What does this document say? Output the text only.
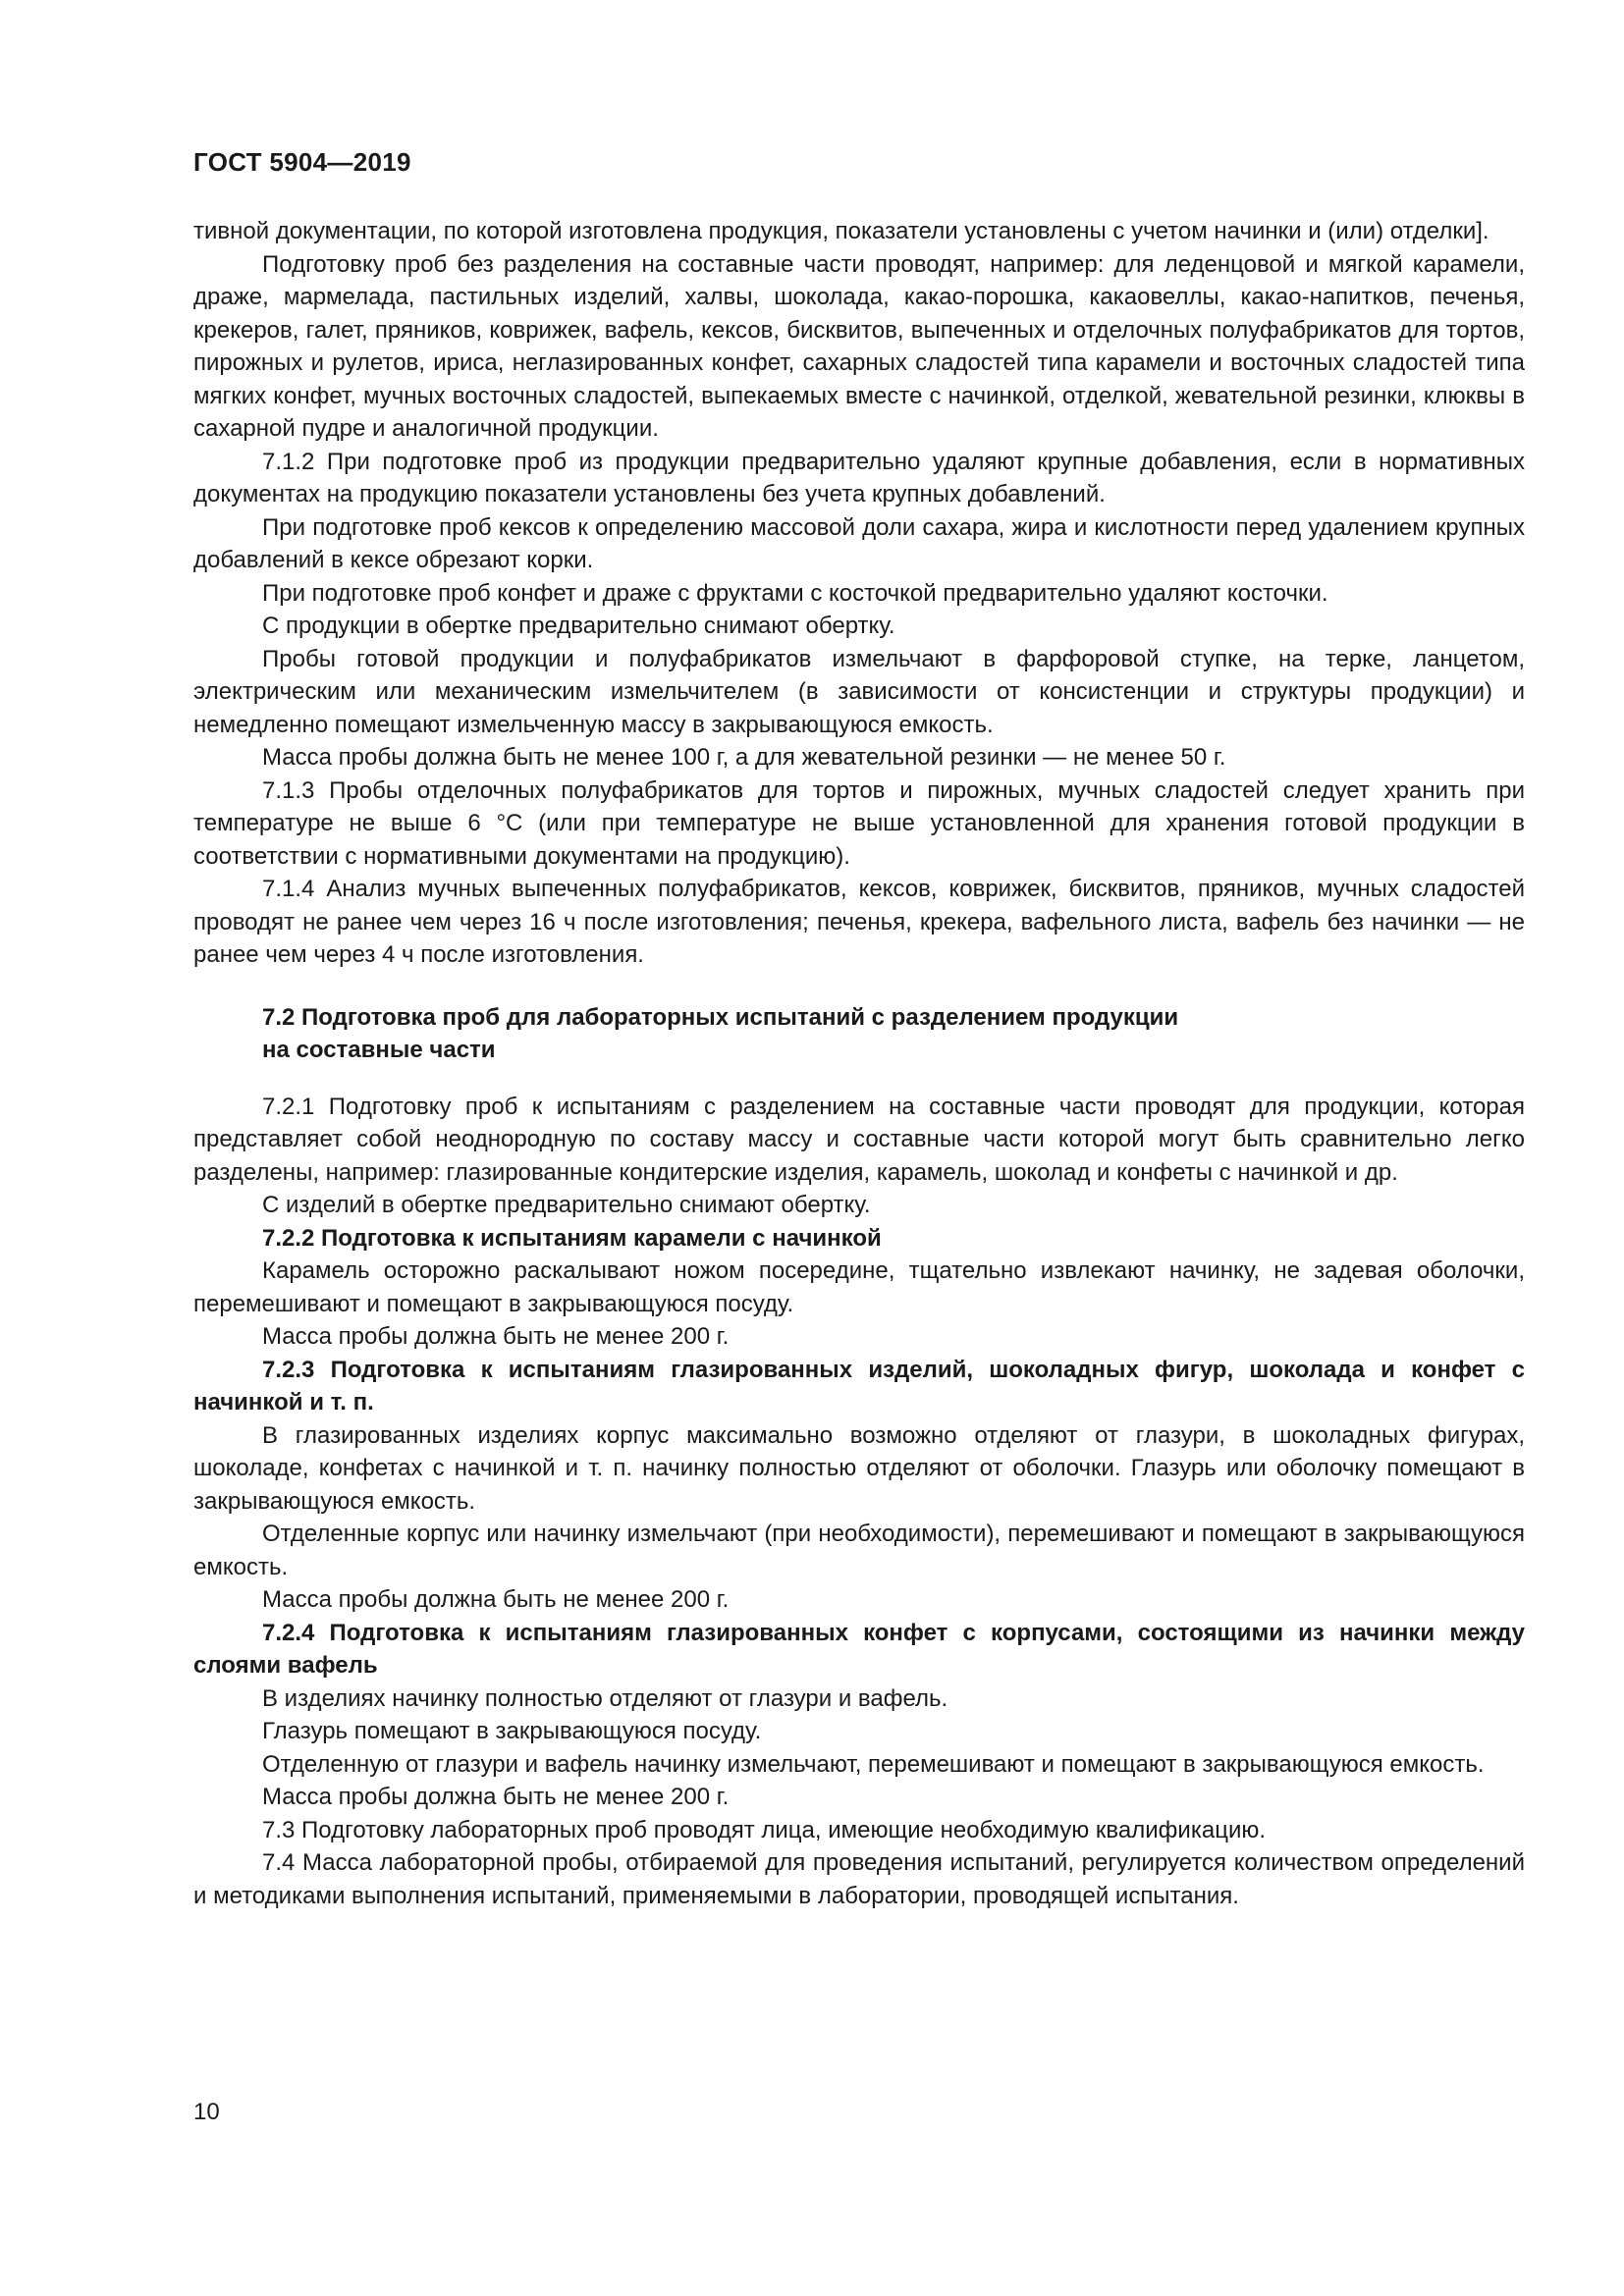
ГОСТ 5904—2019

тивной документации, по которой изготовлена продукция, показатели установлены с учетом начинки и (или) отделки].

Подготовку проб без разделения на составные части проводят, например: для леденцовой и мягкой карамели, драже, мармелада, пастильных изделий, халвы, шоколада, какао-порошка, какаовеллы, какао-напитков, печенья, крекеров, галет, пряников, коврижек, вафель, кексов, бисквитов, выпеченных и отделочных полуфабрикатов для тортов, пирожных и рулетов, ириса, неглазированных конфет, сахарных сладостей типа карамели и восточных сладостей типа мягких конфет, мучных восточных сладостей, выпекаемых вместе с начинкой, отделкой, жевательной резинки, клюквы в сахарной пудре и аналогичной продукции.

7.1.2 При подготовке проб из продукции предварительно удаляют крупные добавления, если в нормативных документах на продукцию показатели установлены без учета крупных добавлений.

При подготовке проб кексов к определению массовой доли сахара, жира и кислотности перед удалением крупных добавлений в кексе обрезают корки.

При подготовке проб конфет и драже с фруктами с косточкой предварительно удаляют косточки.

С продукции в обертке предварительно снимают обертку.

Пробы готовой продукции и полуфабрикатов измельчают в фарфоровой ступке, на терке, ланцетом, электрическим или механическим измельчителем (в зависимости от консистенции и структуры продукции) и немедленно помещают измельченную массу в закрывающуюся емкость.

Масса пробы должна быть не менее 100 г, а для жевательной резинки — не менее 50 г.

7.1.3 Пробы отделочных полуфабрикатов для тортов и пирожных, мучных сладостей следует хранить при температуре не выше 6 °С (или при температуре не выше установленной для хранения готовой продукции в соответствии с нормативными документами на продукцию).

7.1.4 Анализ мучных выпеченных полуфабрикатов, кексов, коврижек, бисквитов, пряников, мучных сладостей проводят не ранее чем через 16 ч после изготовления; печенья, крекера, вафельного листа, вафель без начинки — не ранее чем через 4 ч после изготовления.

7.2 Подготовка проб для лабораторных испытаний с разделением продукции
на составные части

7.2.1 Подготовку проб к испытаниям с разделением на составные части проводят для продукции, которая представляет собой неоднородную по составу массу и составные части которой могут быть сравнительно легко разделены, например: глазированные кондитерские изделия, карамель, шоколад и конфеты с начинкой и др.

С изделий в обертке предварительно снимают обертку.

7.2.2 Подготовка к испытаниям карамели с начинкой

Карамель осторожно раскалывают ножом посередине, тщательно извлекают начинку, не задевая оболочки, перемешивают и помещают в закрывающуюся посуду.

Масса пробы должна быть не менее 200 г.

7.2.3 Подготовка к испытаниям глазированных изделий, шоколадных фигур, шоколада и конфет с начинкой и т. п.

В глазированных изделиях корпус максимально возможно отделяют от глазури, в шоколадных фигурах, шоколаде, конфетах с начинкой и т. п. начинку полностью отделяют от оболочки. Глазурь или оболочку помещают в закрывающуюся емкость.

Отделенные корпус или начинку измельчают (при необходимости), перемешивают и помещают в закрывающуюся емкость.

Масса пробы должна быть не менее 200 г.

7.2.4 Подготовка к испытаниям глазированных конфет с корпусами, состоящими из начинки между слоями вафель

В изделиях начинку полностью отделяют от глазури и вафель.

Глазурь помещают в закрывающуюся посуду.

Отделенную от глазури и вафель начинку измельчают, перемешивают и помещают в закрывающуюся емкость.

Масса пробы должна быть не менее 200 г.

7.3 Подготовку лабораторных проб проводят лица, имеющие необходимую квалификацию.

7.4 Масса лабораторной пробы, отбираемой для проведения испытаний, регулируется количеством определений и методиками выполнения испытаний, применяемыми в лаборатории, проводящей испытания.

10
